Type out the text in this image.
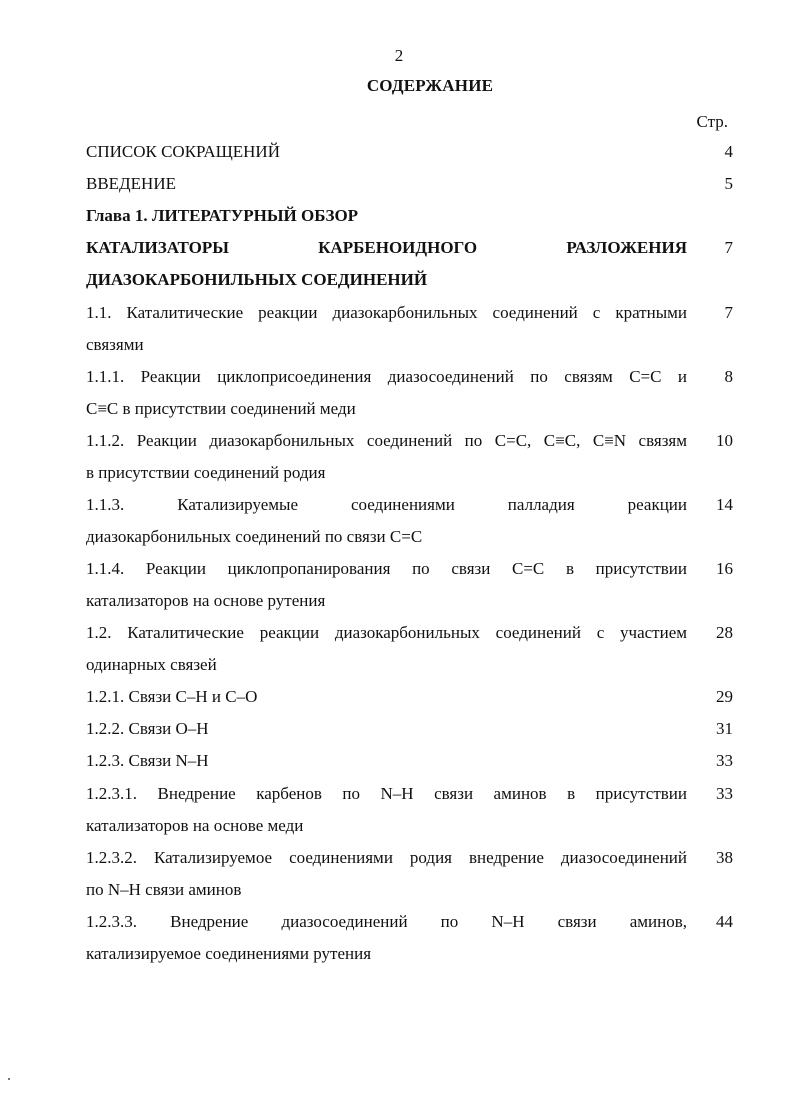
2
СОДЕРЖАНИЕ
Стр.
СПИСОК СОКРАЩЕНИЙ	4
ВВЕДЕНИЕ	5
Глава 1. ЛИТЕРАТУРНЫЙ ОБЗОР
КАТАЛИЗАТОРЫ КАРБЕНОИДНОГО РАЗЛОЖЕНИЯ	7
ДИАЗОКАРБОНИЛЬНЫХ СОЕДИНЕНИЙ
1.1. Каталитические реакции диазокарбонильных соединений с кратными	7
связями
1.1.1. Реакции циклоприсоединения диазосоединений по связям С=С и	8
С≡С в присутствии соединений меди
1.1.2. Реакции диазокарбонильных соединений по С=С, С≡С, С≡N связям	10
в присутствии соединений родия
1.1.3. Катализируемые соединениями палладия реакции	14
диазокарбонильных соединений по связи С=С
1.1.4. Реакции циклопропанирования по связи С=С в присутствии	16
катализаторов на основе рутения
1.2. Каталитические реакции диазокарбонильных соединений с участием	28
одинарных связей
1.2.1. Связи С–Н и С–О	29
1.2.2. Связи О–Н	31
1.2.3. Связи N–Н	33
1.2.3.1. Внедрение карбенов по N–Н связи аминов в присутствии	33
катализаторов на основе меди
1.2.3.2. Катализируемое соединениями родия внедрение диазосоединений	38
по N–Н связи аминов
1.2.3.3. Внедрение диазосоединений по N–Н связи аминов,	44
катализируемое соединениями рутения
